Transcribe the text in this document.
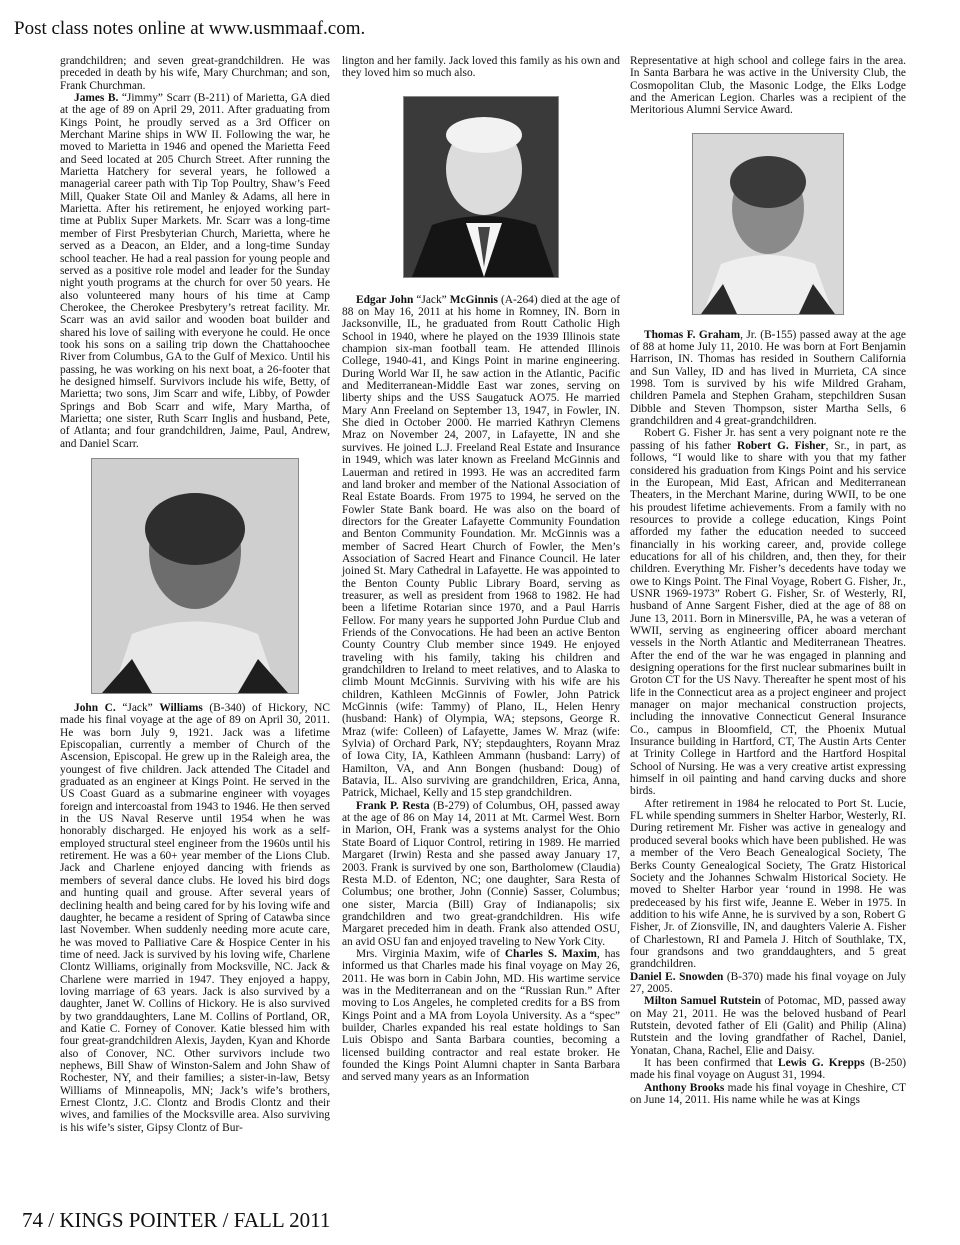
Post class notes online at www.usmmaaf.com.

grandchildren; and seven great-grandchildren. He was preceded in death by his wife, Mary Churchman; and son, Frank Churchman.

James B. “Jimmy” Scarr (B-211) of Marietta, GA died at the age of 89 on April 29, 2011. After graduating from Kings Point, he proudly served as a 3rd Officer on Merchant Marine ships in WW II. Following the war, he moved to Marietta in 1946 and opened the Marietta Feed and Seed located at 205 Church Street. After running the Marietta Hatchery for several years, he followed a managerial career path with Tip Top Poultry, Shaw’s Feed Mill, Quaker State Oil and Manley & Adams, all here in Marietta. After his retirement, he enjoyed working part-time at Publix Super Markets. Mr. Scarr was a long-time member of First Presbyterian Church, Marietta, where he served as a Deacon, an Elder, and a long-time Sunday school teacher. He had a real passion for young people and served as a positive role model and leader for the Sunday night youth programs at the church for over 50 years. He also volunteered many hours of his time at Camp Cherokee, the Cherokee Presbytery’s retreat facility. Mr. Scarr was an avid sailor and wooden boat builder and shared his love of sailing with everyone he could. He once took his sons on a sailing trip down the Chattahoochee River from Columbus, GA to the Gulf of Mexico. Until his passing, he was working on his next boat, a 26-footer that he designed himself. Survivors include his wife, Betty, of Marietta; two sons, Jim Scarr and wife, Libby, of Powder Springs and Bob Scarr and wife, Mary Martha, of Marietta; one sister, Ruth Scarr Inglis and husband, Pete, of Atlanta; and four grandchildren, Jaime, Paul, Andrew, and Daniel Scarr.

John C. “Jack” Williams (B-340) of Hickory, NC made his final voyage at the age of 89 on April 30, 2011. He was born July 9, 1921. Jack was a lifetime Episcopalian, currently a member of Church of the Ascension, Episcopal. He grew up in the Raleigh area, the youngest of five children. Jack attended The Citadel and graduated as an engineer at Kings Point. He served in the US Coast Guard as a submarine engineer with voyages foreign and intercoastal from 1943 to 1946. He then served in the US Naval Reserve until 1954 when he was honorably discharged. He enjoyed his work as a self-employed structural steel engineer from the 1960s until his retirement. He was a 60+ year member of the Lions Club. Jack and Charlene enjoyed dancing with friends as members of several dance clubs. He loved his bird dogs and hunting quail and grouse. After several years of declining health and being cared for by his loving wife and daughter, he became a resident of Spring of Catawba since last November. When suddenly needing more acute care, he was moved to Palliative Care & Hospice Center in his time of need. Jack is survived by his loving wife, Charlene Clontz Williams, originally from Mocksville, NC. Jack & Charlene were married in 1947. They enjoyed a happy, loving marriage of 63 years. Jack is also survived by a daughter, Janet W. Collins of Hickory. He is also survived by two granddaughters, Lane M. Collins of Portland, OR, and Katie C. Forney of Conover. Katie blessed him with four great-grandchildren Alexis, Jayden, Kyan and Khorde also of Conover, NC. Other survivors include two nephews, Bill Shaw of Winston-Salem and John Shaw of Rochester, NY, and their families; a sister-in-law, Betsy Williams of Minneapolis, MN; Jack’s wife’s brothers, Ernest Clontz, J.C. Clontz and Brodis Clontz and their wives, and families of the Mocksville area. Also surviving is his wife’s sister, Gipsy Clontz of Bur-

lington and her family. Jack loved this family as his own and they loved him so much also.

Edgar John “Jack” McGinnis (A-264) died at the age of 88 on May 16, 2011 at his home in Romney, IN. Born in Jacksonville, IL, he graduated from Routt Catholic High School in 1940, where he played on the 1939 Illinois state champion six-man football team. He attended Illinois College, 1940-41, and Kings Point in marine engineering. During World War II, he saw action in the Atlantic, Pacific and Mediterranean-Middle East war zones, serving on liberty ships and the USS Saugatuck AO75. He married Mary Ann Freeland on September 13, 1947, in Fowler, IN. She died in October 2000. He married Kathryn Clemens Mraz on November 24, 2007, in Lafayette, IN and she survives. He joined L.J. Freeland Real Estate and Insurance in 1949, which was later known as Freeland McGinnis and Lauerman and retired in 1993. He was an accredited farm and land broker and member of the National Association of Real Estate Boards. From 1975 to 1994, he served on the Fowler State Bank board. He was also on the board of directors for the Greater Lafayette Community Foundation and Benton Community Foundation. Mr. McGinnis was a member of Sacred Heart Church of Fowler, the Men’s Association of Sacred Heart and Finance Council. He later joined St. Mary Cathedral in Lafayette. He was appointed to the Benton County Public Library Board, serving as treasurer, as well as president from 1968 to 1982. He had been a lifetime Rotarian since 1970, and a Paul Harris Fellow. For many years he supported John Purdue Club and Friends of the Convocations. He had been an active Benton County Country Club member since 1949. He enjoyed traveling with his family, taking his children and grandchildren to Ireland to meet relatives, and to Alaska to climb Mount McGinnis. Surviving with his wife are his children, Kathleen McGinnis of Fowler, John Patrick McGinnis (wife: Tammy) of Plano, IL, Helen Henry (husband: Hank) of Olympia, WA; stepsons, George R. Mraz (wife: Colleen) of Lafayette, James W. Mraz (wife: Sylvia) of Orchard Park, NY; stepdaughters, Royann Mraz of Iowa City, IA, Kathleen Ammann (husband: Larry) of Hamilton, VA, and Ann Bongen (husband: Doug) of Batavia, IL. Also surviving are grandchildren, Erica, Anna, Patrick, Michael, Kelly and 15 step grandchildren.

Frank P. Resta (B-279) of Columbus, OH, passed away at the age of 86 on May 14, 2011 at Mt. Carmel West. Born in Marion, OH, Frank was a systems analyst for the Ohio State Board of Liquor Control, retiring in 1989. He married Margaret (Irwin) Resta and she passed away January 17, 2003. Frank is survived by one son, Bartholomew (Claudia) Resta M.D. of Edenton, NC; one daughter, Sara Resta of Columbus; one brother, John (Connie) Sasser, Columbus; one sister, Marcia (Bill) Gray of Indianapolis; six grandchildren and two great-grandchildren. His wife Margaret preceded him in death. Frank also attended OSU, an avid OSU fan and enjoyed traveling to New York City.

Mrs. Virginia Maxim, wife of Charles S. Maxim, has informed us that Charles made his final voyage on May 26, 2011. He was born in Cabin John, MD. His wartime service was in the Mediterranean and on the “Russian Run.” After moving to Los Angeles, he completed credits for a BS from Kings Point and a MA from Loyola University. As a “spec” builder, Charles expanded his real estate holdings to San Luis Obispo and Santa Barbara counties, becoming a licensed building contractor and real estate broker. He founded the Kings Point Alumni chapter in Santa Barbara and served many years as an Information

Representative at high school and college fairs in the area. In Santa Barbara he was active in the University Club, the Cosmopolitan Club, the Masonic Lodge, the Elks Lodge and the American Legion. Charles was a recipient of the Meritorious Alumni Service Award.

Thomas F. Graham, Jr. (B-155) passed away at the age of 88 at home July 11, 2010. He was born at Fort Benjamin Harrison, IN. Thomas has resided in Southern California and Sun Valley, ID and has lived in Murrieta, CA since 1998. Tom is survived by his wife Mildred Graham, children Pamela and Stephen Graham, stepchildren Susan Dibble and Steven Thompson, sister Martha Sells, 6 grandchildren and 4 great-grandchildren.

Robert G. Fisher Jr. has sent a very poignant note re the passing of his father Robert G. Fisher, Sr., in part, as follows, “I would like to share with you that my father considered his graduation from Kings Point and his service in the European, Mid East, African and Mediterranean Theaters, in the Merchant Marine, during WWII, to be one his proudest lifetime achievements. From a family with no resources to provide a college education, Kings Point afforded my father the education needed to succeed financially in his working career, and, provide college educations for all of his children, and, then they, for their children. Everything Mr. Fisher’s decedents have today we owe to Kings Point. The Final Voyage, Robert G. Fisher, Jr., USNR 1969-1973” Robert G. Fisher, Sr. of Westerly, RI, husband of Anne Sargent Fisher, died at the age of 88 on June 13, 2011. Born in Minersville, PA, he was a veteran of WWII, serving as engineering officer aboard merchant vessels in the North Atlantic and Mediterranean Theatres. After the end of the war he was engaged in planning and designing operations for the first nuclear submarines built in Groton CT for the US Navy. Thereafter he spent most of his life in the Connecticut area as a project engineer and project manager on major mechanical construction projects, including the innovative Connecticut General Insurance Co., campus in Bloomfield, CT, the Phoenix Mutual Insurance building in Hartford, CT, The Austin Arts Center at Trinity College in Hartford and the Hartford Hospital School of Nursing. He was a very creative artist expressing himself in oil painting and hand carving ducks and shore birds.

After retirement in 1984 he relocated to Port St. Lucie, FL while spending summers in Shelter Harbor, Westerly, RI. During retirement Mr. Fisher was active in genealogy and produced several books which have been published. He was a member of the Vero Beach Genealogical Society, The Berks County Genealogical Society, The Gratz Historical Society and the Johannes Schwalm Historical Society. He moved to Shelter Harbor year ‘round in 1998. He was predeceased by his first wife, Jeanne E. Weber in 1975. In addition to his wife Anne, he is survived by a son, Robert G Fisher, Jr. of Zionsville, IN, and daughters Valerie A. Fisher of Charlestown, RI and Pamela J. Hitch of Southlake, TX, four grandsons and two granddaughters, and 5 great grandchildren.

Daniel E. Snowden (B-370) made his final voyage on July 27, 2005.

Milton Samuel Rutstein of Potomac, MD, passed away on May 21, 2011. He was the beloved husband of Pearl Rutstein, devoted father of Eli (Galit) and Philip (Alina) Rutstein and the loving grandfather of Rachel, Daniel, Yonatan, Chana, Rachel, Elie and Daisy.

It has been confirmed that Lewis G. Krepps (B-250) made his final voyage on August 31, 1994.

Anthony Brooks made his final voyage in Cheshire, CT on June 14, 2011. His name while he was at Kings

74 / KINGS POINTER / FALL 2011
